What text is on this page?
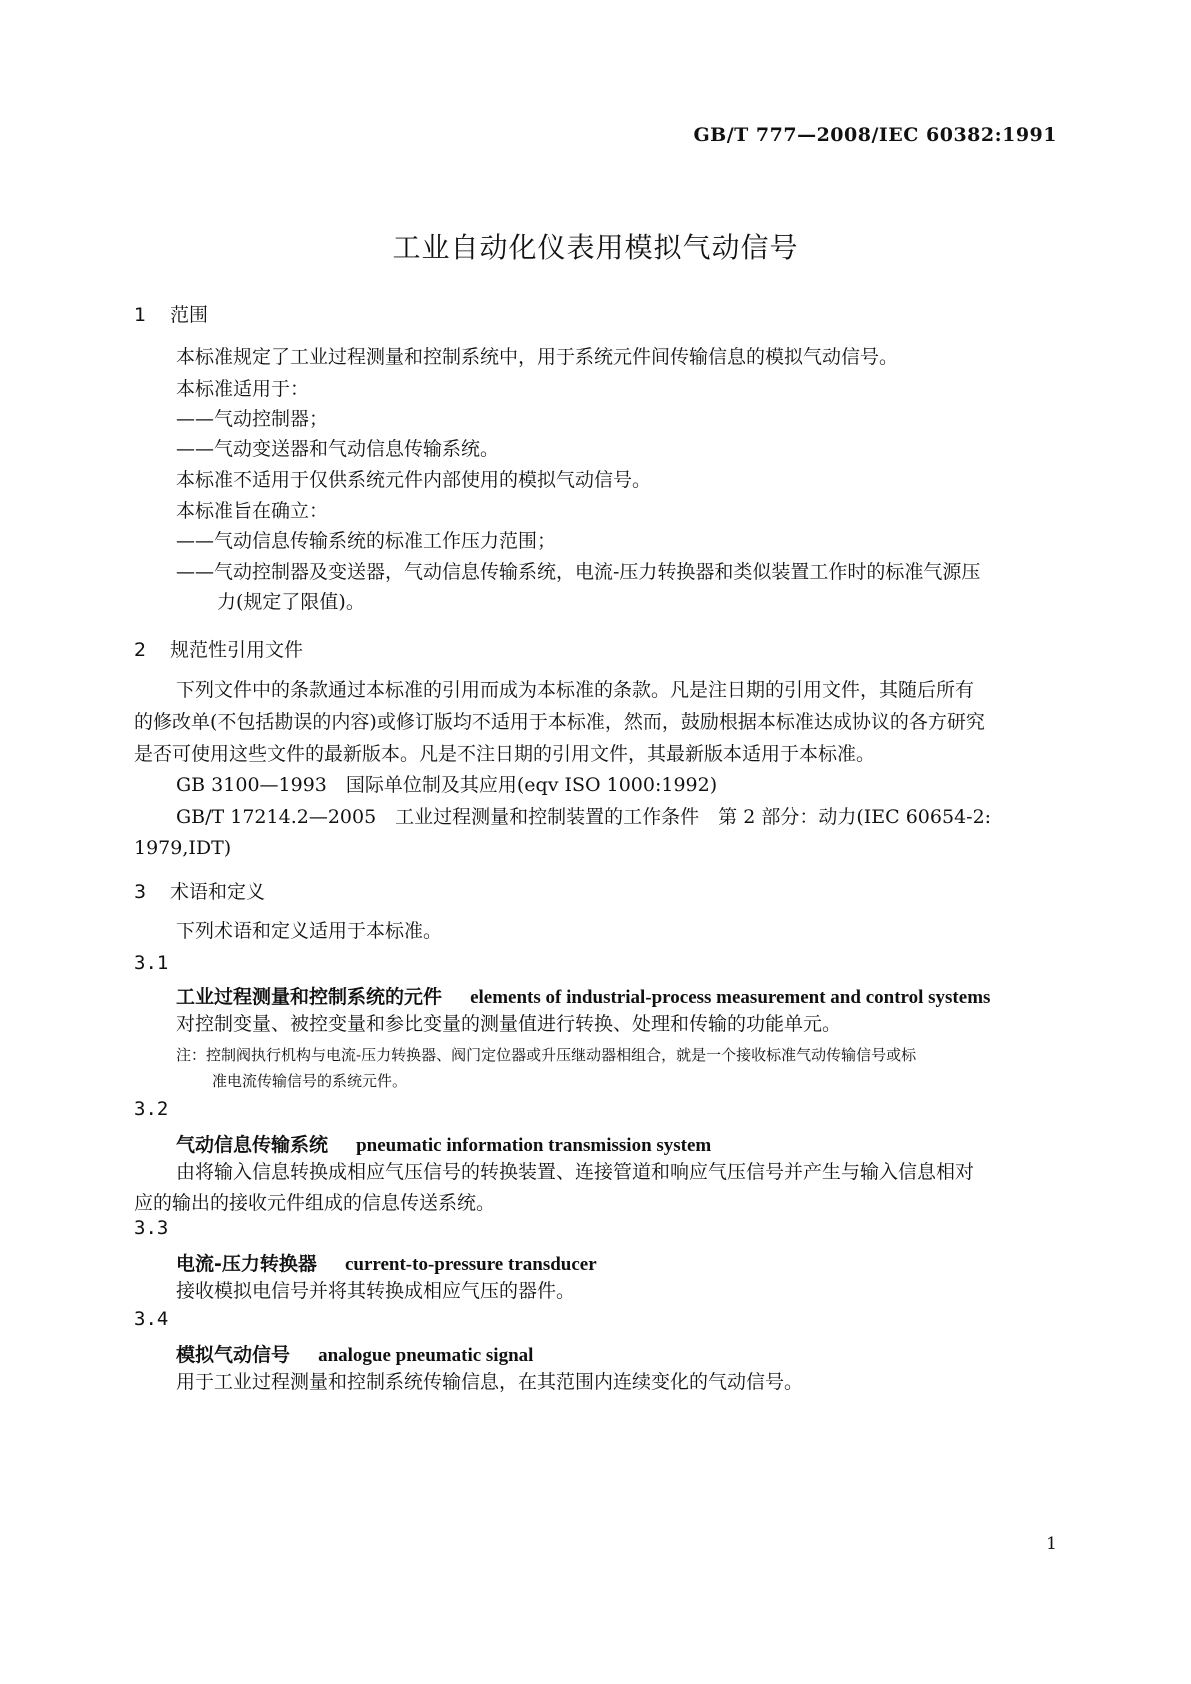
GB/T 777—2008/IEC 60382:1991
工业自动化仪表用模拟气动信号
1 范围
本标准规定了工业过程测量和控制系统中，用于系统元件间传输信息的模拟气动信号。
本标准适用于：
——气动控制器；
——气动变送器和气动信息传输系统。
本标准不适用于仅供系统元件内部使用的模拟气动信号。
本标准旨在确立：
——气动信息传输系统的标准工作压力范围；
——气动控制器及变送器，气动信息传输系统，电流-压力转换器和类似装置工作时的标准气源压
力(规定了限值)。
2 规范性引用文件
下列文件中的条款通过本标准的引用而成为本标准的条款。凡是注日期的引用文件，其随后所有
的修改单(不包括勘误的内容)或修订版均不适用于本标准，然而，鼓励根据本标准达成协议的各方研究
是否可使用这些文件的最新版本。凡是不注日期的引用文件，其最新版本适用于本标准。
GB 3100—1993　国际单位制及其应用(eqv ISO 1000:1992)
GB/T 17214.2—2005　工业过程测量和控制装置的工作条件　第 2 部分：动力(IEC 60654-2:
1979,IDT)
3 术语和定义
下列术语和定义适用于本标准。
3.1
工业过程测量和控制系统的元件 elements of industrial-process measurement and control systems
对控制变量、被控变量和参比变量的测量值进行转换、处理和传输的功能单元。
注：控制阀执行机构与电流-压力转换器、阀门定位器或升压继动器相组合，就是一个接收标准气动传输信号或标
准电流传输信号的系统元件。
3.2
气动信息传输系统 pneumatic information transmission system
由将输入信息转换成相应气压信号的转换装置、连接管道和响应气压信号并产生与输入信息相对
应的输出的接收元件组成的信息传送系统。
3.3
电流-压力转换器 current-to-pressure transducer
接收模拟电信号并将其转换成相应气压的器件。
3.4
模拟气动信号 analogue pneumatic signal
用于工业过程测量和控制系统传输信息，在其范围内连续变化的气动信号。
1
